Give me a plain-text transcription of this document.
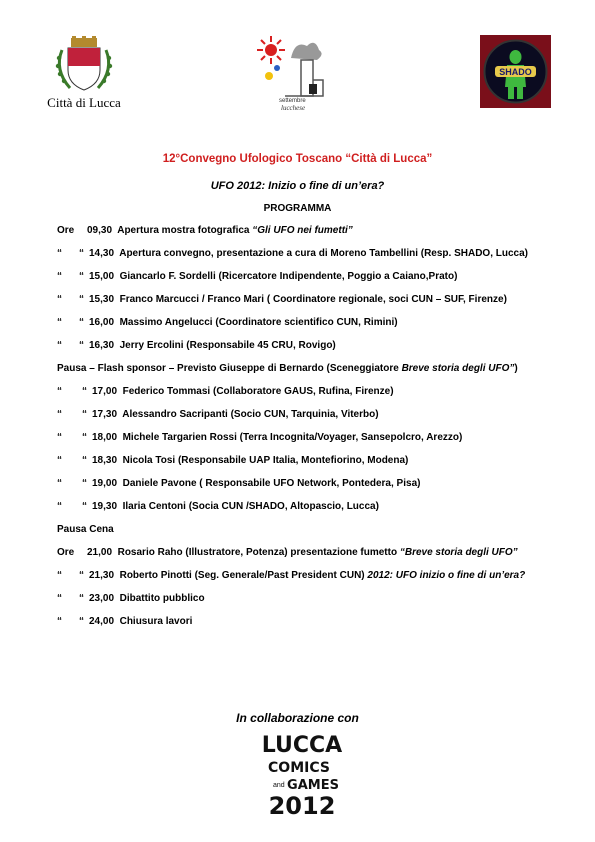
Città di Lucca	settembre
lucchese
SHADO
12°Convegno Ufologico Toscano “Città di Lucca”
UFO 2012: Inizio o fine di un’era?
PROGRAMMA
Ore 09,30  Apertura mostra fotografica “Gli UFO nei fumetti”
“ “ 14,30  Apertura convegno, presentazione a cura di Moreno Tambellini (Resp. SHADO, Lucca)
“ “ 15,00  Giancarlo F. Sordelli (Ricercatore Indipendente, Poggio a Caiano,Prato)
“ “ 15,30  Franco Marcucci / Franco Mari ( Coordinatore regionale, soci CUN – SUF, Firenze)
“ “ 16,00  Massimo Angelucci (Coordinatore scientifico CUN, Rimini)
“ “ 16,30  Jerry Ercolini (Responsabile 45 CRU, Rovigo)
Pausa – Flash sponsor – Previsto Giuseppe di Bernardo (Sceneggiatore Breve storia degli UFO”)
“ “ 17,00  Federico Tommasi (Collaboratore GAUS, Rufina, Firenze)
“ “ 17,30  Alessandro Sacripanti (Socio CUN, Tarquinia, Viterbo)
“ “ 18,00  Michele Targarien Rossi (Terra Incognita/Voyager, Sansepolcro, Arezzo)
“ “ 18,30  Nicola Tosi (Responsabile UAP Italia, Montefiorino, Modena)
“ “ 19,00  Daniele Pavone ( Responsabile UFO Network, Pontedera, Pisa)
“ “ 19,30  Ilaria Centoni (Socia CUN /SHADO, Altopascio, Lucca)
Pausa Cena
Ore 21,00  Rosario Raho (Illustratore, Potenza) presentazione fumetto “Breve storia degli UFO”
“ “ 21,30  Roberto Pinotti (Seg. Generale/Past President CUN) 2012: UFO inizio o fine di un’era?
“ “ 23,00  Dibattito pubblico
“ “ 24,00  Chiusura lavori
In collaborazione con
LUCCA
COMICS
and GAMES
2012
